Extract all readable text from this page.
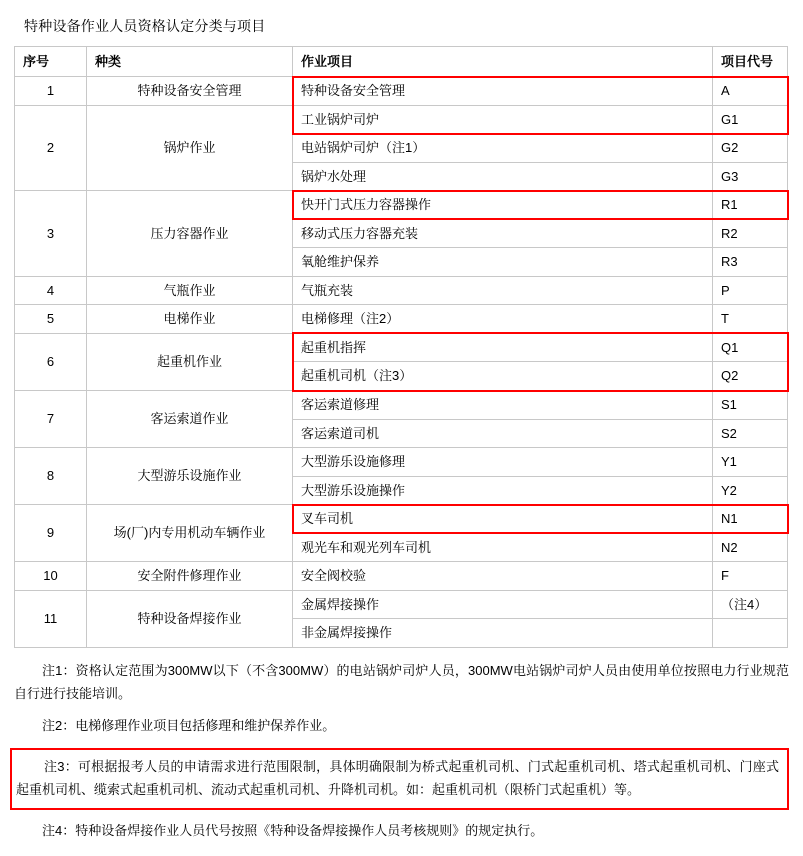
特种设备作业人员资格认定分类与项目
序号	种类	作业项目	项目代号
1	特种设备安全管理	特种设备安全管理	A
2	锅炉作业	工业锅炉司炉	G1
		电站锅炉司炉（注1）	G2
		锅炉水处理	G3
3	压力容器作业	快开门式压力容器操作	R1
		移动式压力容器充装	R2
		氧舱维护保养	R3
4	气瓶作业	气瓶充装	P
5	电梯作业	电梯修理（注2）	T
6	起重机作业	起重机指挥	Q1
		起重机司机（注3）	Q2
7	客运索道作业	客运索道修理	S1
		客运索道司机	S2
8	大型游乐设施作业	大型游乐设施修理	Y1
		大型游乐设施操作	Y2
9	场(厂)内专用机动车辆作业	叉车司机	N1
		观光车和观光列车司机	N2
10	安全附件修理作业	安全阀校验	F
11	特种设备焊接作业	金属焊接操作	（注4）
		非金属焊接操作	

注1：资格认定范围为300MW以下（不含300MW）的电站锅炉司炉人员，300MW电站锅炉司炉人员由使用单位按照电力行业规范自行进行技能培训。

注2：电梯修理作业项目包括修理和维护保养作业。

注3：可根据报考人员的申请需求进行范围限制，具体明确限制为桥式起重机司机、门式起重机司机、塔式起重机司机、门座式起重机司机、缆索式起重机司机、流动式起重机司机、升降机司机。如：起重机司机（限桥门式起重机）等。

注4：特种设备焊接作业人员代号按照《特种设备焊接操作人员考核规则》的规定执行。
